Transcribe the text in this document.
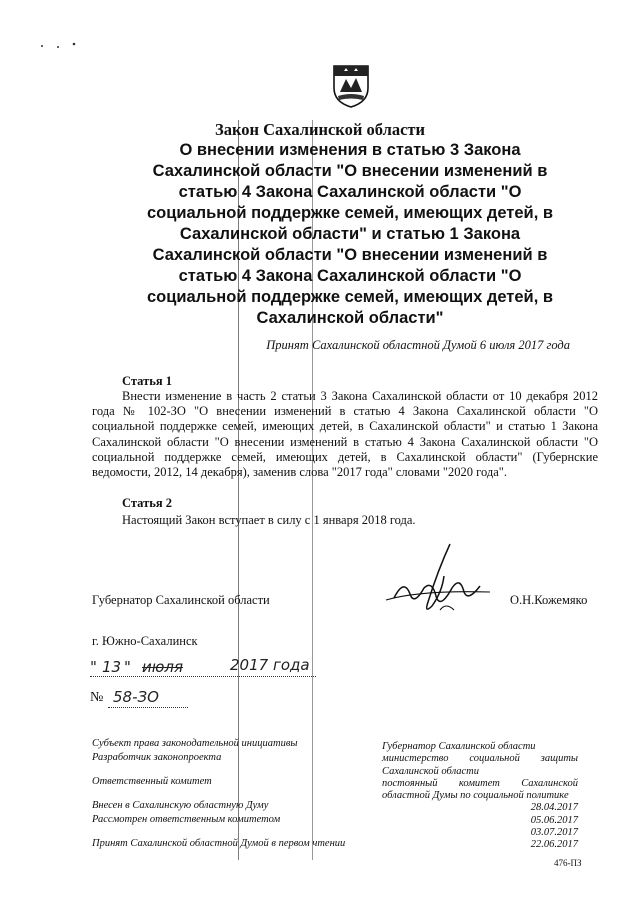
Закон Сахалинской области
О внесении изменения в статью 3 Закона
Сахалинской области "О внесении изменений в
статью 4 Закона Сахалинской области "О
социальной поддержке семей, имеющих детей, в
Сахалинской области" и статью 1 Закона
Сахалинской области "О внесении изменений в
статью 4 Закона Сахалинской области "О
социальной поддержке семей, имеющих детей, в
Сахалинской области"
Принят Сахалинской областной Думой 6 июля 2017 года
Статья 1

Внести изменение в часть 2 статьи 3 Закона Сахалинской области от 10 декабря 2012 года № 102-ЗО "О внесении изменений в статью 4 Закона Сахалинской области "О социальной поддержке семей, имеющих детей, в Сахалинской области" и статью 1 Закона Сахалинской области "О внесении изменений в статью 4 Закона Сахалинской области "О социальной поддержке семей, имеющих детей, в Сахалинской области" (Губернские ведомости, 2012, 14 декабря), заменив слова "2017 года" словами "2020 года".

Статья 2

Настоящий Закон вступает в силу с 1 января 2018 года.

Губернатор Сахалинской области	О.Н.Кожемяко
г. Южно-Сахалинск
" 13 " июля	2017 года
№ 58-ЗО
Субъект права законодательной инициативы
Разработчик законопроекта
Ответственный комитет
Внесен в Сахалинскую областную Думу
Рассмотрен ответственным комитетом
Принят Сахалинской областной Думой в первом чтении
Губернатор Сахалинской области
министерство социальной защиты
Сахалинской области
постоянный комитет Сахалинской
областной Думы по социальной политике
28.04.2017
05.06.2017
03.07.2017
22.06.2017
476-ПЗ
